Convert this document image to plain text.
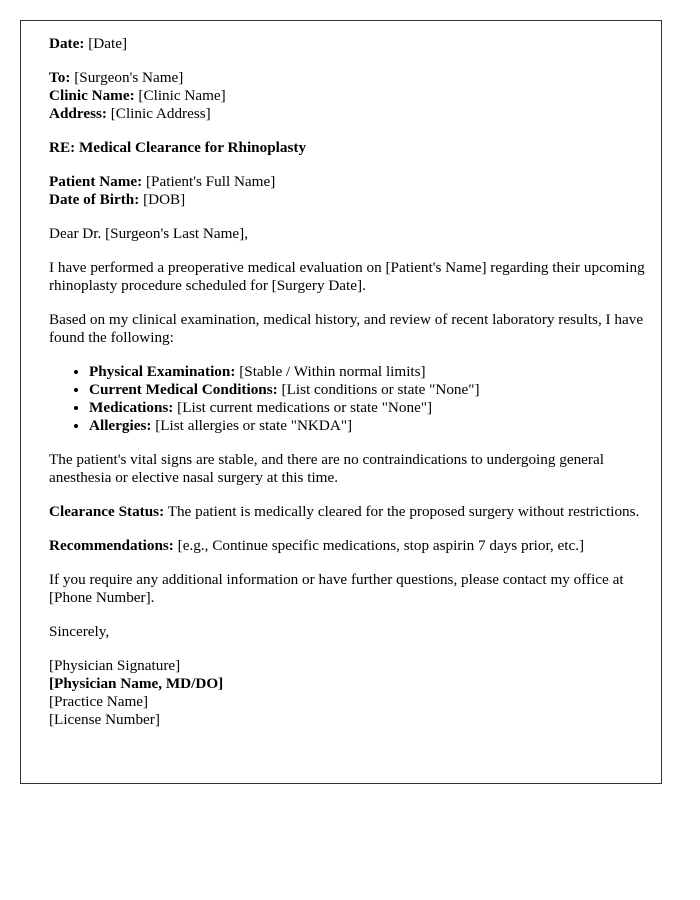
Date: [Date]

To: [Surgeon's Name]
Clinic Name: [Clinic Name]
Address: [Clinic Address]

RE: Medical Clearance for Rhinoplasty

Patient Name: [Patient's Full Name]
Date of Birth: [DOB]

Dear Dr. [Surgeon's Last Name],

I have performed a preoperative medical evaluation on [Patient's Name] regarding their upcoming rhinoplasty procedure scheduled for [Surgery Date].

Based on my clinical examination, medical history, and review of recent laboratory results, I have found the following:

• Physical Examination: [Stable / Within normal limits]
• Current Medical Conditions: [List conditions or state "None"]
• Medications: [List current medications or state "None"]
• Allergies: [List allergies or state "NKDA"]

The patient's vital signs are stable, and there are no contraindications to undergoing general anesthesia or elective nasal surgery at this time.

Clearance Status: The patient is medically cleared for the proposed surgery without restrictions.

Recommendations: [e.g., Continue specific medications, stop aspirin 7 days prior, etc.]

If you require any additional information or have further questions, please contact my office at [Phone Number].

Sincerely,

[Physician Signature]

[Physician Name, MD/DO]

[Practice Name]

[License Number]
